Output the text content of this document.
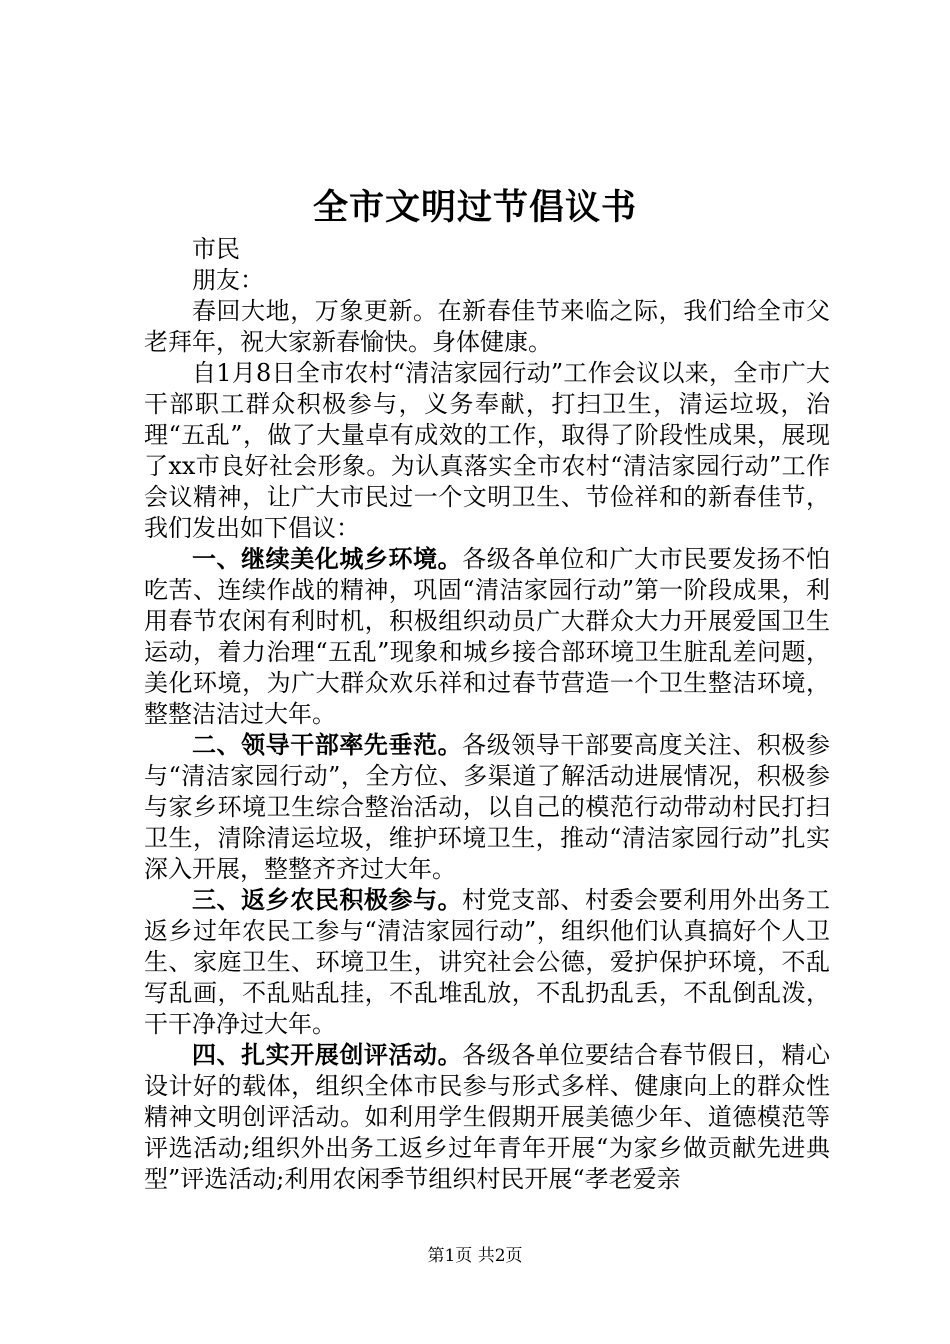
全市文明过节倡议书

市民

朋友：

春回大地，万象更新。在新春佳节来临之际，我们给全市父老拜年，祝大家新春愉快。身体健康。

自1月8日全市农村“清洁家园行动”工作会议以来，全市广大干部职工群众积极参与，义务奉献，打扫卫生，清运垃圾，治理“五乱”，做了大量卓有成效的工作，取得了阶段性成果，展现了xx市良好社会形象。为认真落实全市农村“清洁家园行动”工作会议精神，让广大市民过一个文明卫生、节俭祥和的新春佳节，我们发出如下倡议：

一、继续美化城乡环境。各级各单位和广大市民要发扬不怕吃苦、连续作战的精神，巩固“清洁家园行动”第一阶段成果，利用春节农闲有利时机，积极组织动员广大群众大力开展爱国卫生运动，着力治理“五乱”现象和城乡接合部环境卫生脏乱差问题，美化环境，为广大群众欢乐祥和过春节营造一个卫生整洁环境，整整洁洁过大年。

二、领导干部率先垂范。各级领导干部要高度关注、积极参与“清洁家园行动”，全方位、多渠道了解活动进展情况，积极参与家乡环境卫生综合整治活动，以自己的模范行动带动村民打扫卫生，清除清运垃圾，维护环境卫生，推动“清洁家园行动”扎实深入开展，整整齐齐过大年。

三、返乡农民积极参与。村党支部、村委会要利用外出务工返乡过年农民工参与“清洁家园行动”，组织他们认真搞好个人卫生、家庭卫生、环境卫生，讲究社会公德，爱护保护环境，不乱写乱画，不乱贴乱挂，不乱堆乱放，不乱扔乱丢，不乱倒乱泼，干干净净过大年。

四、扎实开展创评活动。各级各单位要结合春节假日，精心设计好的载体，组织全体市民参与形式多样、健康向上的群众性精神文明创评活动。如利用学生假期开展美德少年、道德模范等评选活动;组织外出务工返乡过年青年开展“为家乡做贡献先进典型”评选活动;利用农闲季节组织村民开展“孝老爱亲

第1页 共2页
